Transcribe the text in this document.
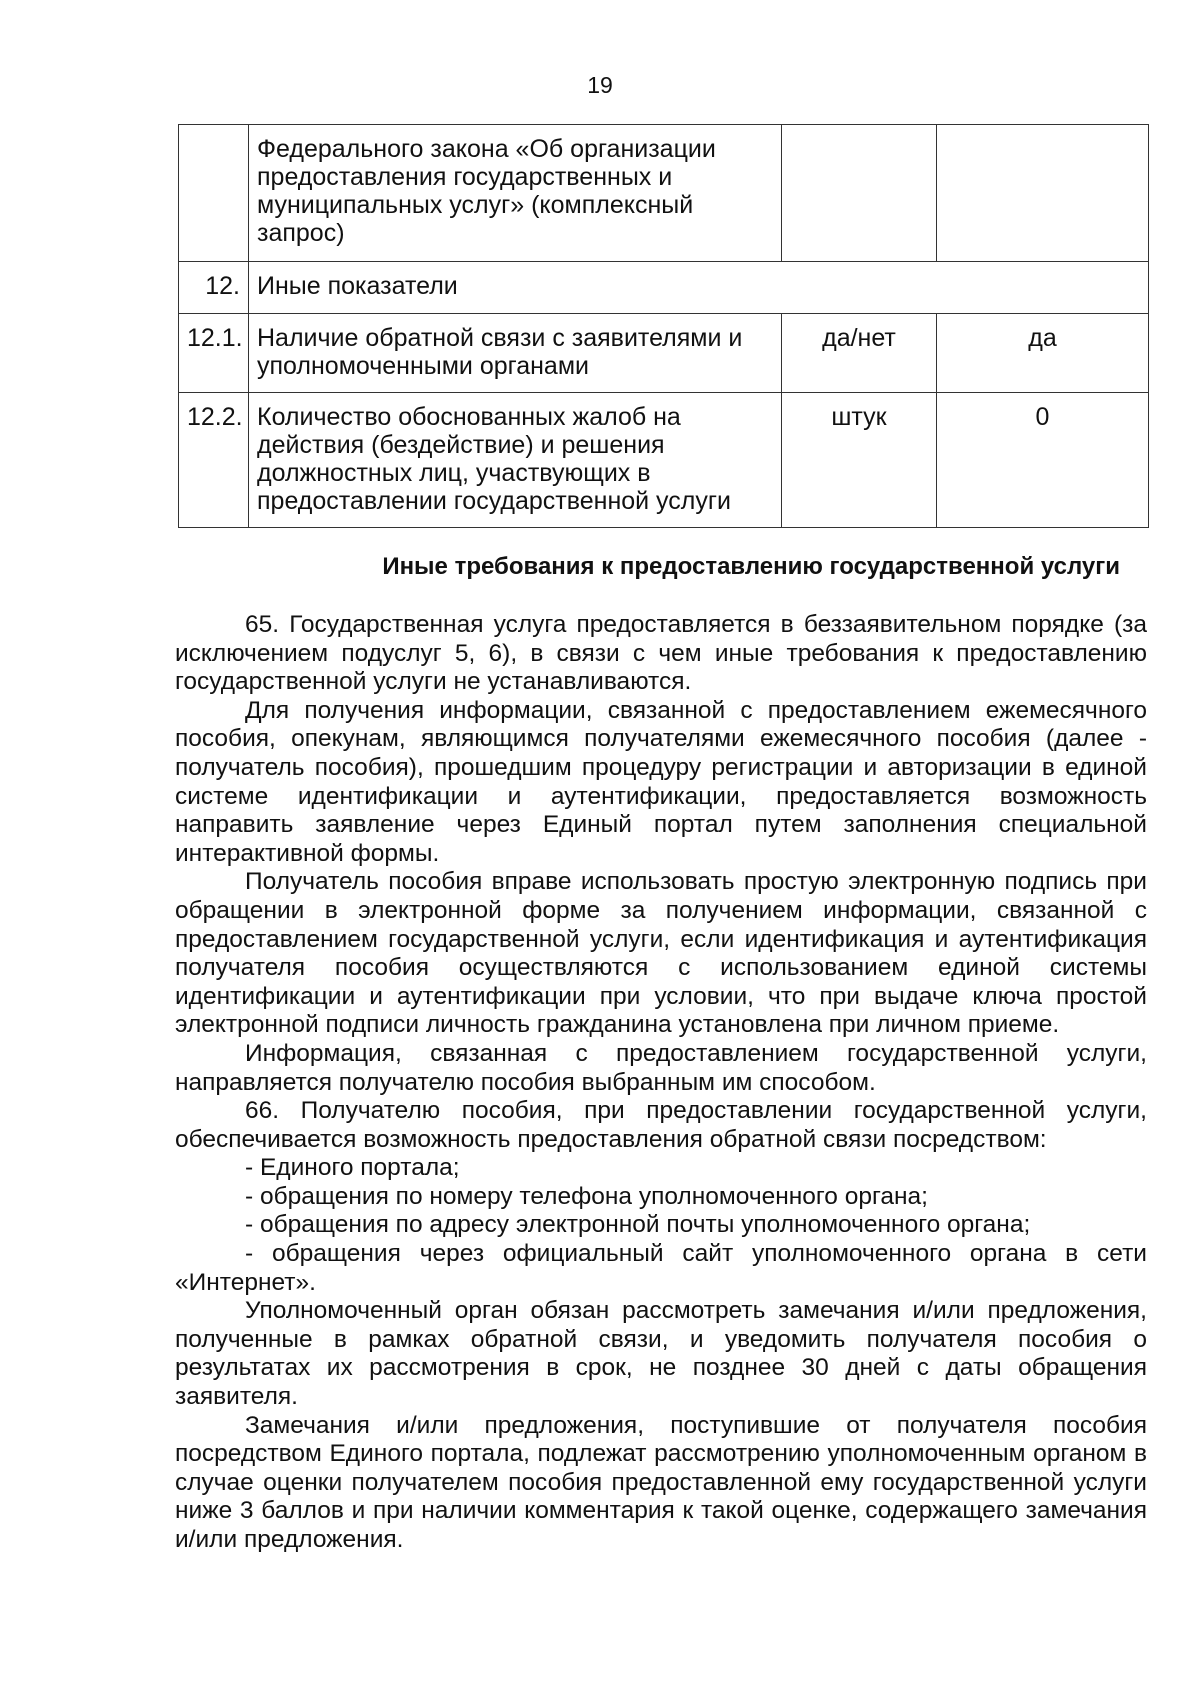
19
	Федерального закона «Об организации предоставления государственных и муниципальных услуг» (комплексный запрос)		
12.	Иные показатели		
12.1.	Наличие обратной связи с заявителями и уполномоченными органами	да/нет	да
12.2.	Количество обоснованных жалоб на действия (бездействие) и решения должностных лиц, участвующих в предоставлении государственной услуги	штук	0
Иные требования к предоставлению государственной услуги

65. Государственная услуга предоставляется в беззаявительном порядке (за исключением подуслуг 5, 6), в связи с чем иные требования к предоставлению государственной услуги не устанавливаются.

Для получения информации, связанной с предоставлением ежемесячного пособия, опекунам, являющимся получателями ежемесячного пособия (далее - получатель пособия), прошедшим процедуру регистрации и авторизации в единой системе идентификации и аутентификации, предоставляется возможность направить заявление через Единый портал путем заполнения специальной интерактивной формы.

Получатель пособия вправе использовать простую электронную подпись при обращении в электронной форме за получением информации, связанной с предоставлением государственной услуги, если идентификация и аутентификация получателя пособия осуществляются с использованием единой системы идентификации и аутентификации при условии, что при выдаче ключа простой электронной подписи личность гражданина установлена при личном приеме.

Информация, связанная с предоставлением государственной услуги, направляется получателю пособия выбранным им способом.

66. Получателю пособия, при предоставлении государственной услуги, обеспечивается возможность предоставления обратной связи посредством:

- Единого портала;

- обращения по номеру телефона уполномоченного органа;

- обращения по адресу электронной почты уполномоченного органа;

- обращения через официальный сайт уполномоченного органа в сети «Интернет».

Уполномоченный орган обязан рассмотреть замечания и/или предложения, полученные в рамках обратной связи, и уведомить получателя пособия о результатах их рассмотрения в срок, не позднее 30 дней с даты обращения заявителя.

Замечания и/или предложения, поступившие от получателя пособия посредством Единого портала, подлежат рассмотрению уполномоченным органом в случае оценки получателем пособия предоставленной ему государственной услуги ниже 3 баллов и при наличии комментария к такой оценке, содержащего замечания и/или предложения.
